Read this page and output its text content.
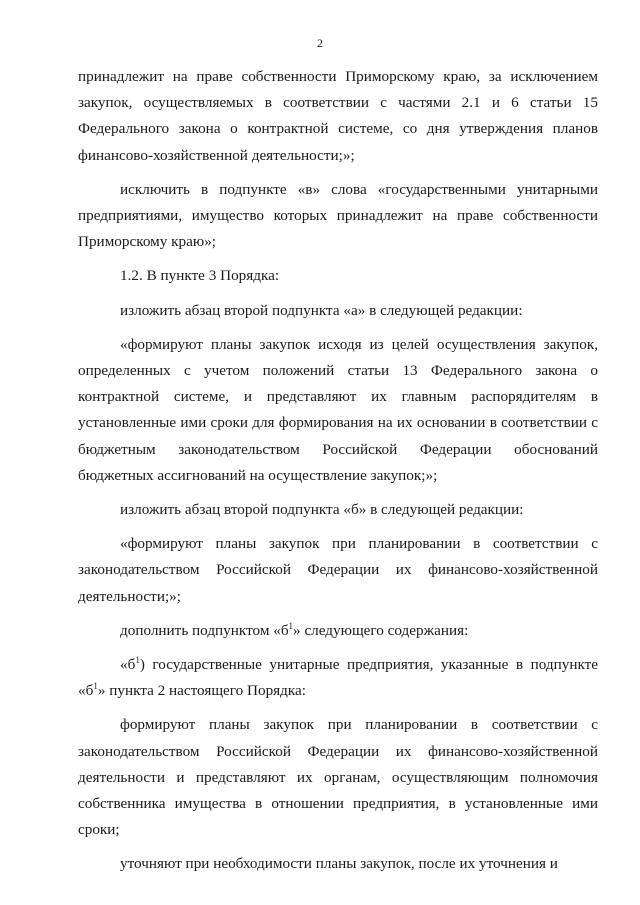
2

принадлежит на праве собственности Приморскому краю, за исключением закупок, осуществляемых в соответствии с частями 2.1 и 6 статьи 15 Федерального закона о контрактной системе, со дня утверждения планов финансово-хозяйственной деятельности;»;

исключить в подпункте «в» слова «государственными унитарными предприятиями, имущество которых принадлежит на праве собственности Приморскому краю»;

1.2. В пункте 3 Порядка:

изложить абзац второй подпункта «а» в следующей редакции:

«формируют планы закупок исходя из целей осуществления закупок, определенных с учетом положений статьи 13 Федерального закона о контрактной системе, и представляют их главным распорядителям в установленные ими сроки для формирования на их основании в соответствии с бюджетным законодательством Российской Федерации обоснований бюджетных ассигнований на осуществление закупок;»;

изложить абзац второй подпункта «б» в следующей редакции:

«формируют планы закупок при планировании в соответствии с законодательством Российской Федерации их финансово-хозяйственной деятельности;»;

дополнить подпунктом «$б^1$» следующего содержания:

«$б^1$) государственные унитарные предприятия, указанные в подпункте «$б^1$» пункта 2 настоящего Порядка:

формируют планы закупок при планировании в соответствии с законодательством Российской Федерации их финансово-хозяйственной деятельности и представляют их органам, осуществляющим полномочия собственника имущества в отношении предприятия, в установленные ими сроки;

уточняют при необходимости планы закупок, после их уточнения и
